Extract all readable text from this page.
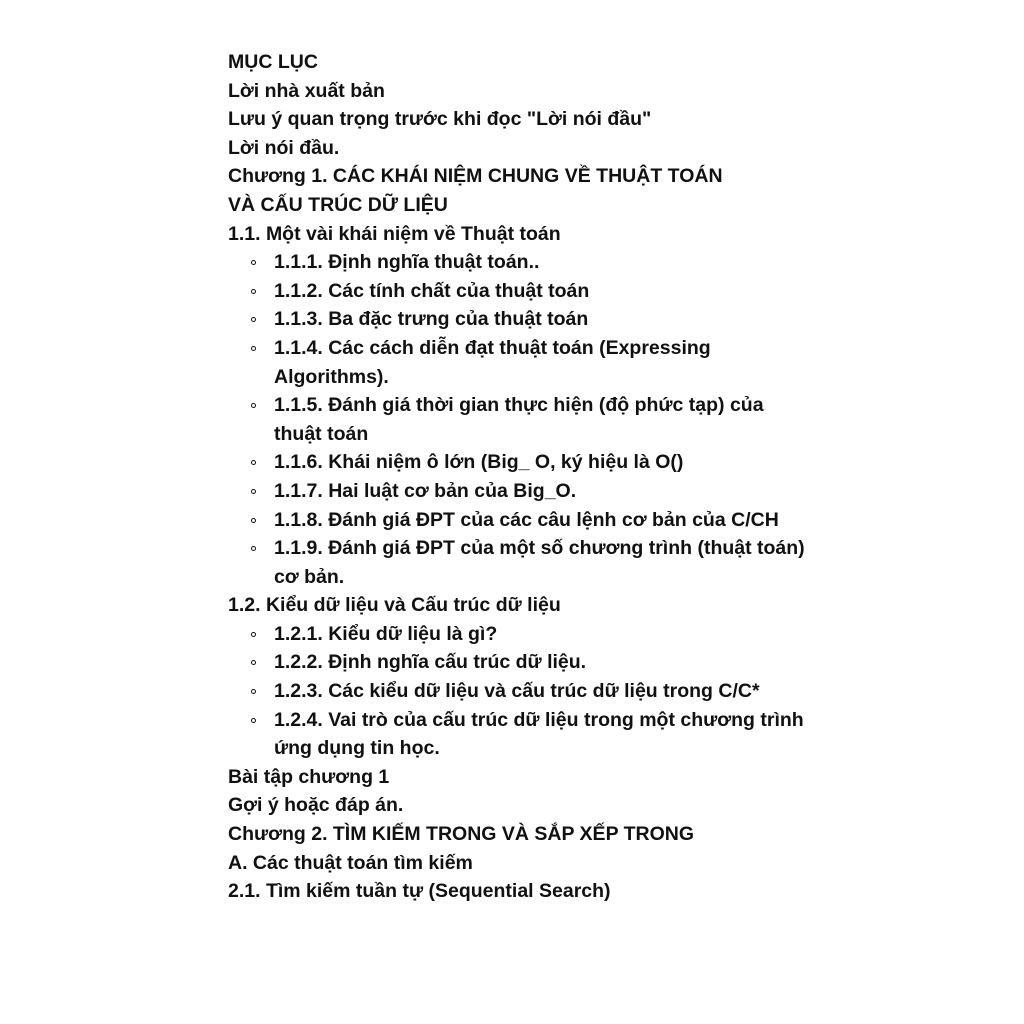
MỤC LỤC
Lời nhà xuất bản
Lưu ý quan trọng trước khi đọc "Lời nói đầu"
Lời nói đầu.
Chương 1. CÁC KHÁI NIỆM CHUNG VỀ THUẬT TOÁN
VÀ CẤU TRÚC DỮ LIỆU
1.1. Một vài khái niệm về Thuật toán
1.1.1. Định nghĩa thuật toán..
1.1.2. Các tính chất của thuật toán
1.1.3. Ba đặc trưng của thuật toán
1.1.4. Các cách diễn đạt thuật toán (Expressing Algorithms).
1.1.5. Đánh giá thời gian thực hiện (độ phức tạp) của thuật toán
1.1.6. Khái niệm ô lớn (Big_ O, ký hiệu là O()
1.1.7. Hai luật cơ bản của Big_O.
1.1.8. Đánh giá ĐPT của các câu lệnh cơ bản của C/CH
1.1.9. Đánh giá ĐPT của một số chương trình (thuật toán) cơ bản.
1.2. Kiểu dữ liệu và Cấu trúc dữ liệu
1.2.1. Kiểu dữ liệu là gì?
1.2.2. Định nghĩa cấu trúc dữ liệu.
1.2.3. Các kiểu dữ liệu và cấu trúc dữ liệu trong C/C*
1.2.4. Vai trò của cấu trúc dữ liệu trong một chương trình ứng dụng tin học.
Bài tập chương 1
Gợi ý hoặc đáp án.
Chương 2. TÌM KIẾM TRONG VÀ SẮP XẾP TRONG
A. Các thuật toán tìm kiếm
2.1. Tìm kiếm tuần tự (Sequential Search)
